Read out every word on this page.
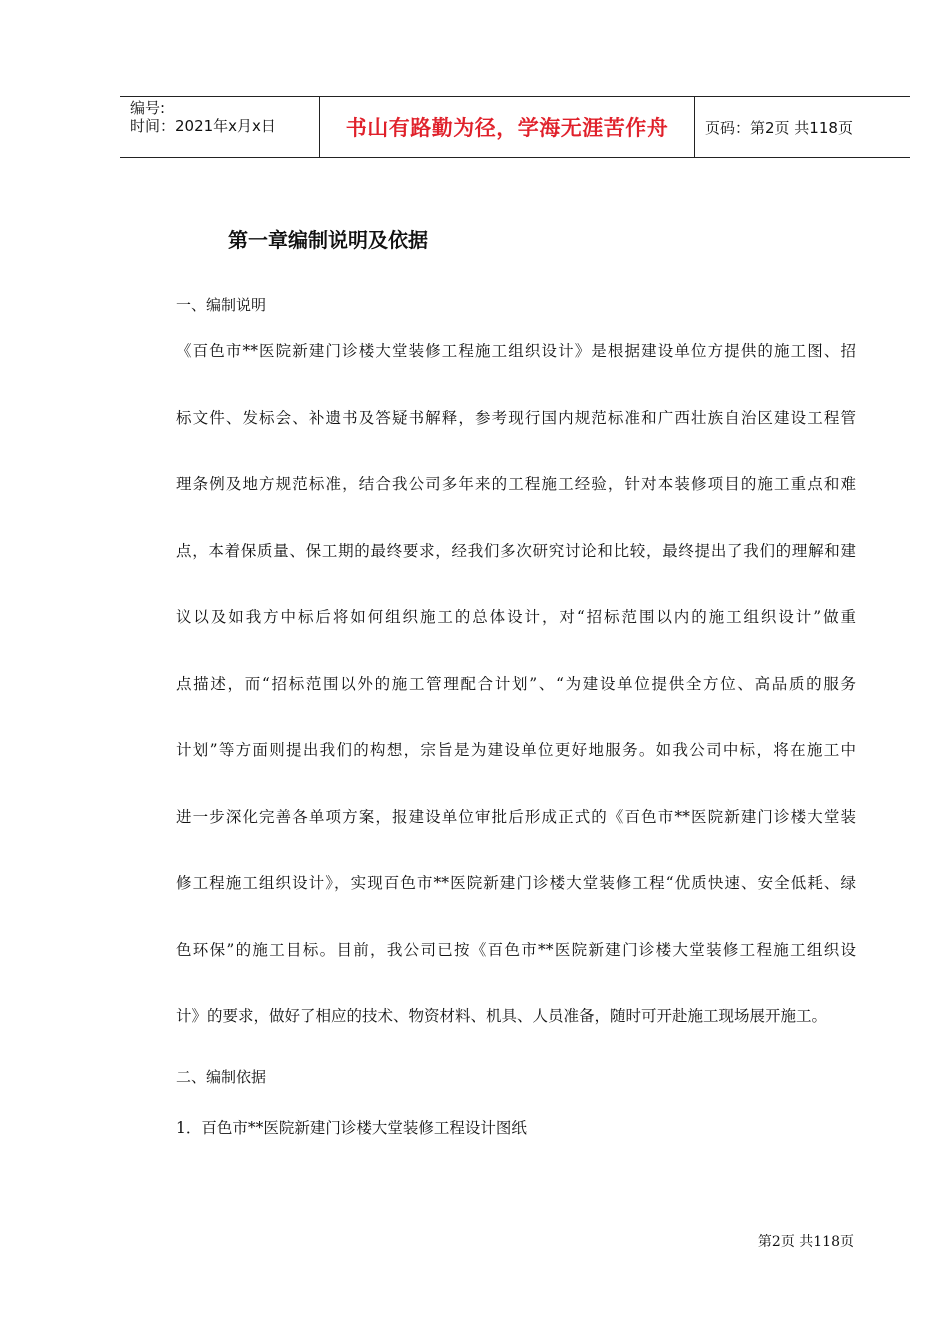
编号:
时间：2021年x月x日	书山有路勤为径，学海无涯苦作舟	页码：第2页 共118页
第一章编制说明及依据
一、编制说明
《百色市**医院新建门诊楼大堂装修工程施工组织设计》是根据建设单位方提供的施工图、招
标文件、发标会、补遗书及答疑书解释，参考现行国内规范标准和广西壮族自治区建设工程管
理条例及地方规范标准，结合我公司多年来的工程施工经验，针对本装修项目的施工重点和难
点，本着保质量、保工期的最终要求，经我们多次研究讨论和比较，最终提出了我们的理解和建
议以及如我方中标后将如何组织施工的总体设计，对“招标范围以内的施工组织设计”做重
点描述，而“招标范围以外的施工管理配合计划”、“为建设单位提供全方位、高品质的服务
计划”等方面则提出我们的构想，宗旨是为建设单位更好地服务。如我公司中标，将在施工中
进一步深化完善各单项方案，报建设单位审批后形成正式的《百色市**医院新建门诊楼大堂装
修工程施工组织设计》，实现百色市**医院新建门诊楼大堂装修工程“优质快速、安全低耗、绿
色环保”的施工目标。目前，我公司已按《百色市**医院新建门诊楼大堂装修工程施工组织设
计》的要求，做好了相应的技术、物资材料、机具、人员准备，随时可开赴施工现场展开施工。
二、编制依据
1．百色市**医院新建门诊楼大堂装修工程设计图纸
第2页 共118页
